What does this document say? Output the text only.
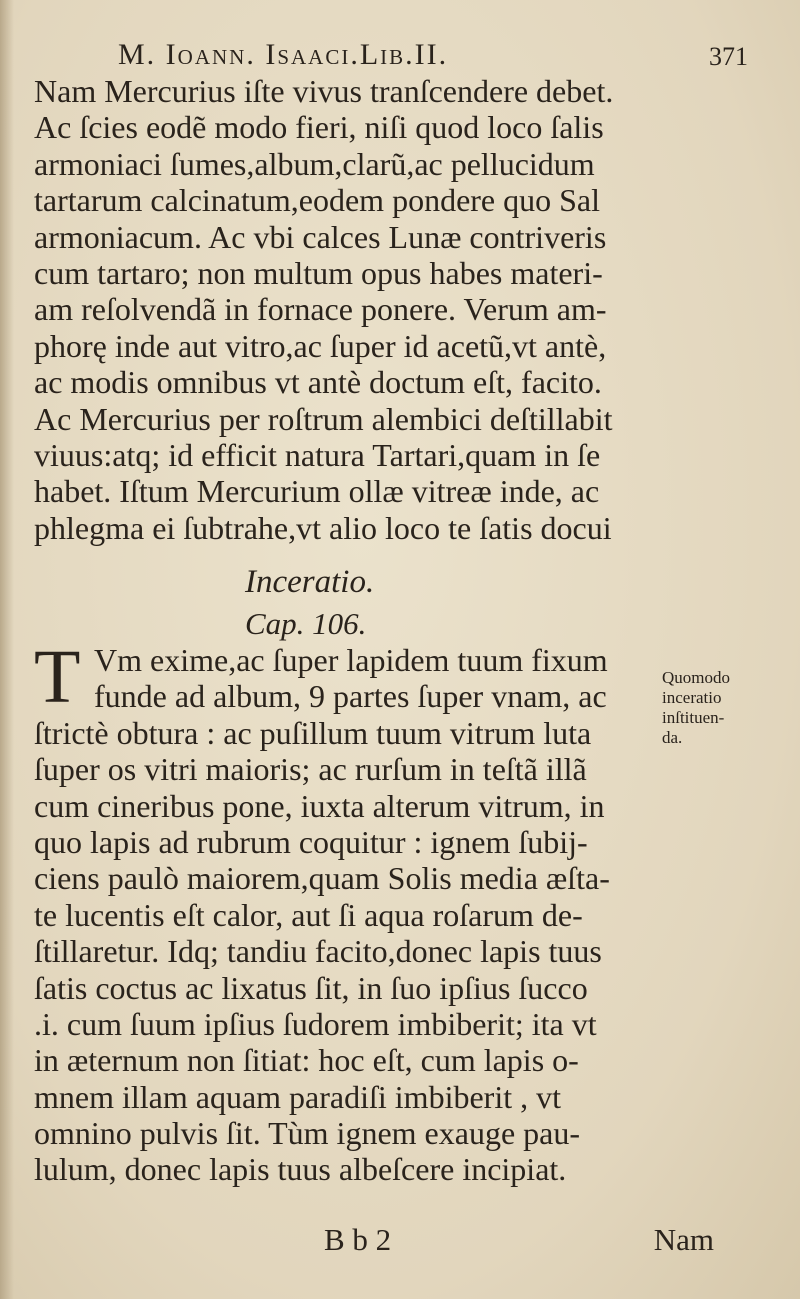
M. Ioann. Isaaci.Lib.II.	371
Nam Mercurius iſte vivus tranſcendere debet.
Ac ſcies eodẽ modo fieri, niſi quod loco ſalis
armoniaci ſumes,album,clarũ,ac pellucidum
tartarum calcinatum,eodem pondere quo Sal
armoniacum. Ac vbi calces Lunæ contriveris
cum tartaro; non multum opus habes materi-
am reſolvendã in fornace ponere. Verum am-
phorę inde aut vitro,ac ſuper id acetũ,vt antè,
ac modis omnibus vt antè doctum eſt, facito.
Ac Mercurius per roſtrum alembici deſtillabit
viuus:atq; id efficit natura Tartari,quam in ſe
habet. Iſtum Mercurium ollæ vitreæ inde, ac
phlegma ei ſubtrahe,vt alio loco te ſatis docui
Inceratio.
Cap. 106.
T Vm exime,ac ſuper lapidem tuum fixum
funde ad album, 9 partes ſuper vnam, ac
ſtrictè obtura : ac puſillum tuum vitrum luta
ſuper os vitri maioris; ac rurſum in teſtã illã
cum cineribus pone, iuxta alterum vitrum, in
quo lapis ad rubrum coquitur : ignem ſubij-
ciens paulò maiorem,quam Solis media æſta-
te lucentis eſt calor, aut ſi aqua roſarum de-
ſtillaretur. Idq; tandiu facito,donec lapis tuus
ſatis coctus ac lixatus ſit, in ſuo ipſius ſucco
.i. cum ſuum ipſius ſudorem imbiberit; ita vt
in æternum non ſitiat: hoc eſt, cum lapis o-
mnem illam aquam paradiſi imbiberit , vt
omnino pulvis ſit. Tùm ignem exauge pau-
lulum, donec lapis tuus albeſcere incipiat.
Quomodo
inceratio
inſtituen-
da.
B b 2	Nam
